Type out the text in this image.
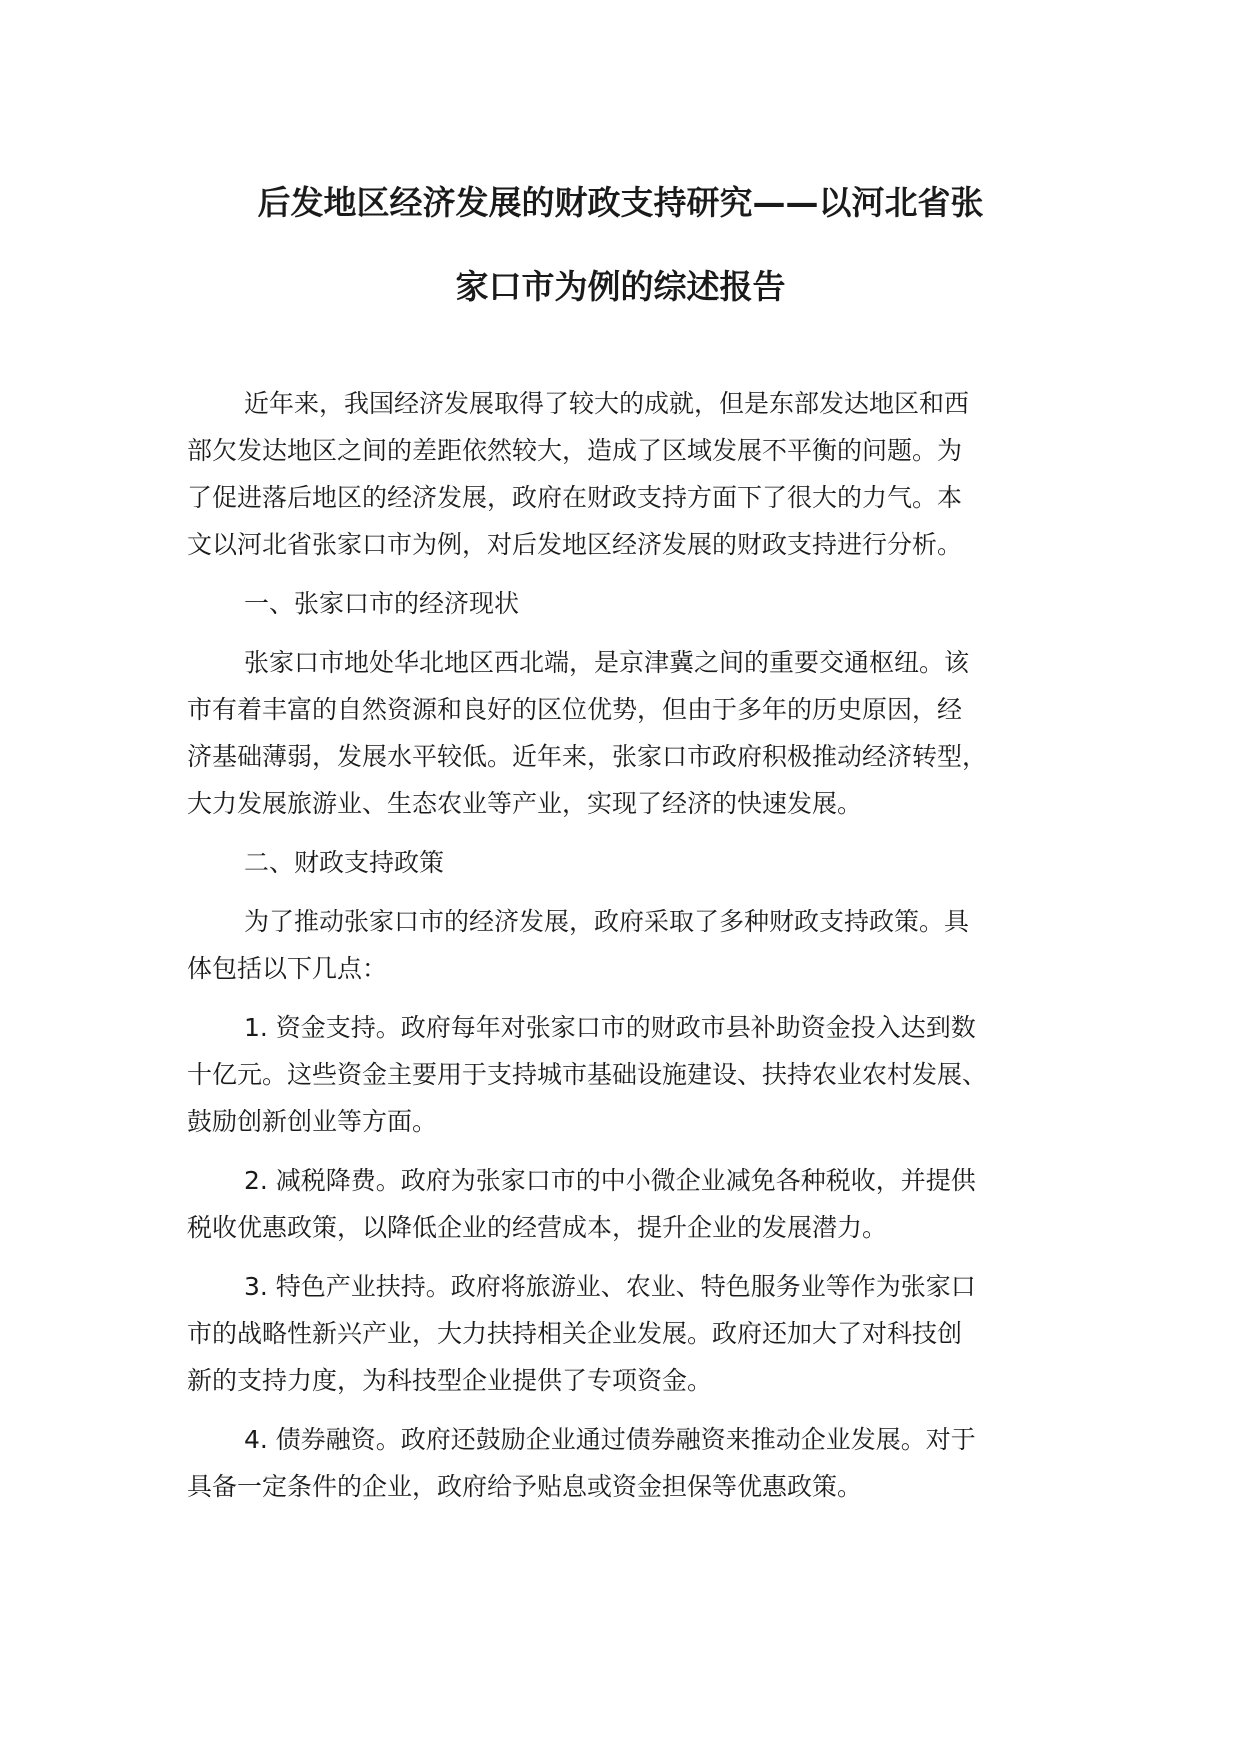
后发地区经济发展的财政支持研究——以河北省张
家口市为例的综述报告
近年来，我国经济发展取得了较大的成就，但是东部发达地区和西
部欠发达地区之间的差距依然较大，造成了区域发展不平衡的问题。为
了促进落后地区的经济发展，政府在财政支持方面下了很大的力气。本
文以河北省张家口市为例，对后发地区经济发展的财政支持进行分析。
一、张家口市的经济现状
张家口市地处华北地区西北端，是京津冀之间的重要交通枢纽。该
市有着丰富的自然资源和良好的区位优势，但由于多年的历史原因，经
济基础薄弱，发展水平较低。近年来，张家口市政府积极推动经济转型，
大力发展旅游业、生态农业等产业，实现了经济的快速发展。
二、财政支持政策
为了推动张家口市的经济发展，政府采取了多种财政支持政策。具
体包括以下几点：
1. 资金支持。政府每年对张家口市的财政市县补助资金投入达到数
十亿元。这些资金主要用于支持城市基础设施建设、扶持农业农村发展、
鼓励创新创业等方面。
2. 减税降费。政府为张家口市的中小微企业减免各种税收，并提供
税收优惠政策，以降低企业的经营成本，提升企业的发展潜力。
3. 特色产业扶持。政府将旅游业、农业、特色服务业等作为张家口
市的战略性新兴产业，大力扶持相关企业发展。政府还加大了对科技创
新的支持力度，为科技型企业提供了专项资金。
4. 债券融资。政府还鼓励企业通过债券融资来推动企业发展。对于
具备一定条件的企业，政府给予贴息或资金担保等优惠政策。
